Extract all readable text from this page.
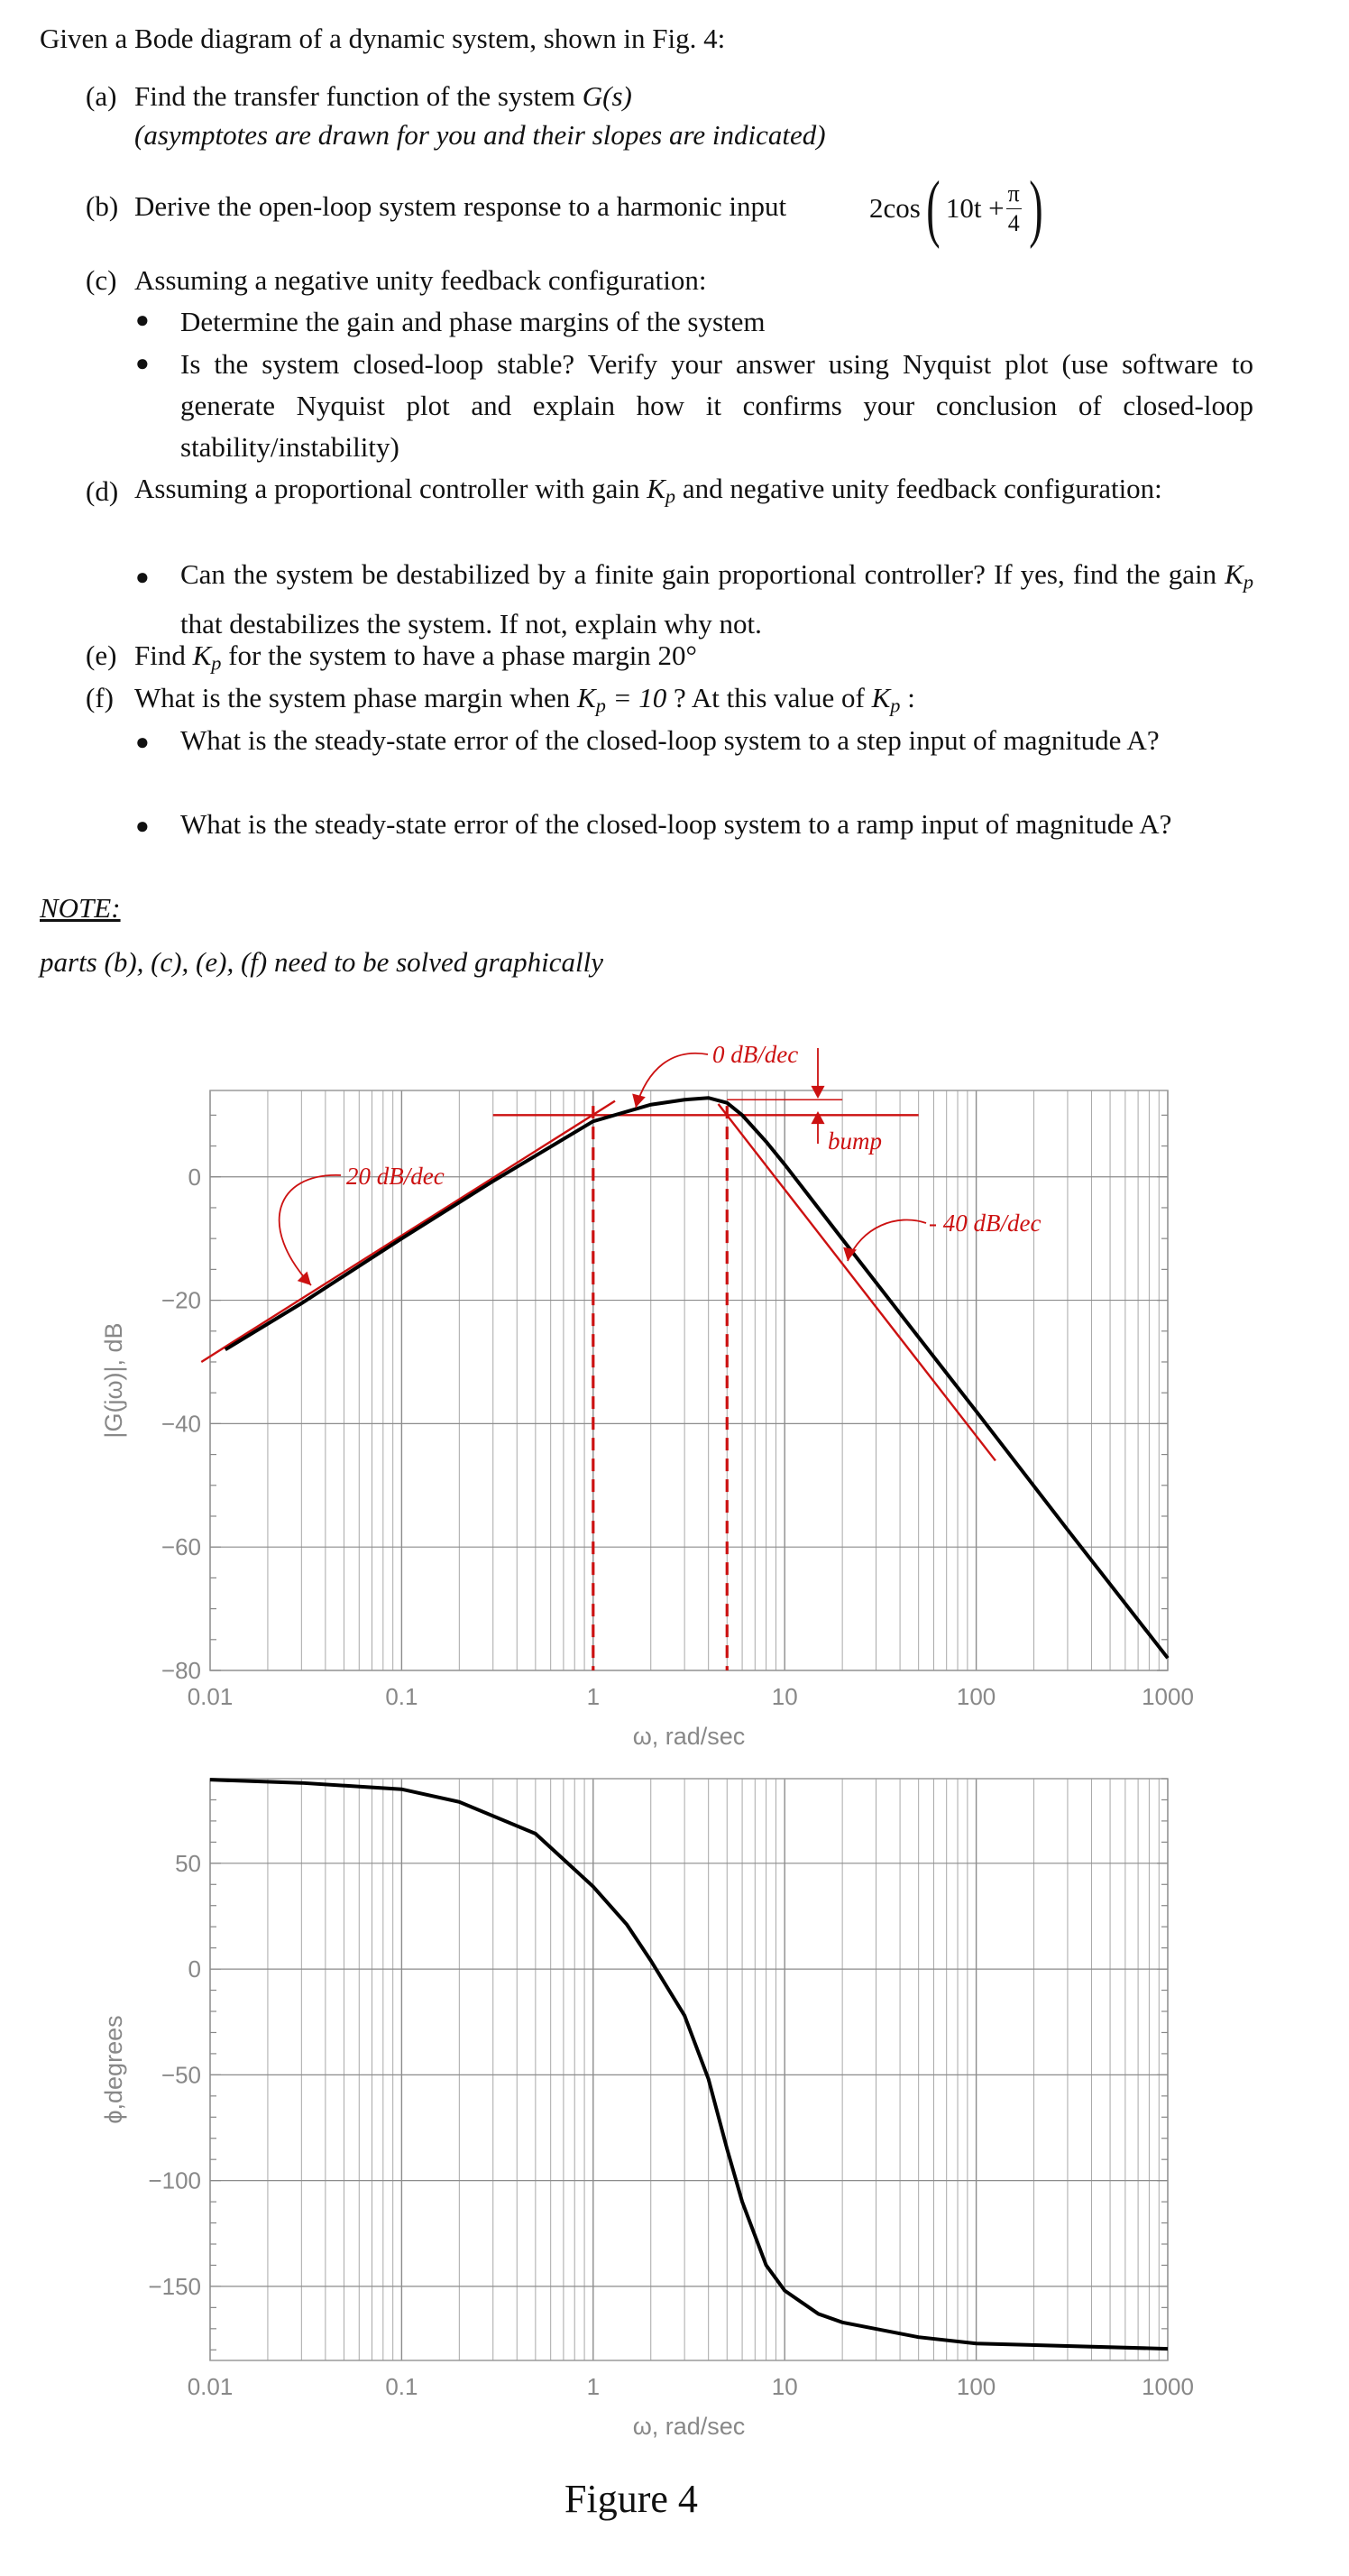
Given a Bode diagram of a dynamic system, shown in Fig. 4:
(a) Find the transfer function of the system G(s)
(asymptotes are drawn for you and their slopes are indicated)
(b) Derive the open-loop system response to a harmonic input	2cos ( $10t + \frac{\pi}{4}$ )
(c) Assuming a negative unity feedback configuration:
● Determine the gain and phase margins of the system
● Is the system closed-loop stable? Verify your answer using Nyquist plot (use software to generate Nyquist plot and explain how it confirms your conclusion of closed-loop stability/instability)
(d) Assuming a proportional controller with gain $K_p$ and negative unity feedback configuration:
● Can the system be destabilized by a finite gain proportional controller? If yes, find the gain $K_p$ that destabilizes the system. If not, explain why not.
(e) Find $K_p$ for the system to have a phase margin 20°
(f) What is the system phase margin when $K_p = 10$ ? At this value of $K_p$ :
● What is the steady-state error of the closed-loop system to a step input of magnitude A?
● What is the steady-state error of the closed-loop system to a ramp input of magnitude A?
NOTE:
parts (b), (c), (e), (f) need to be solved graphically
0
−20
−40
−60
−80
0.01	0.1	1	10	100	1000
0 dB/dec
20 dB/dec
bump
- 40 dB/dec
|G(jω)|, dB
ω, rad/sec
50
0
−50
−100
−150
0.01	0.1	1	10	100	1000
ϕ,degrees
ω, rad/sec
Figure 4
